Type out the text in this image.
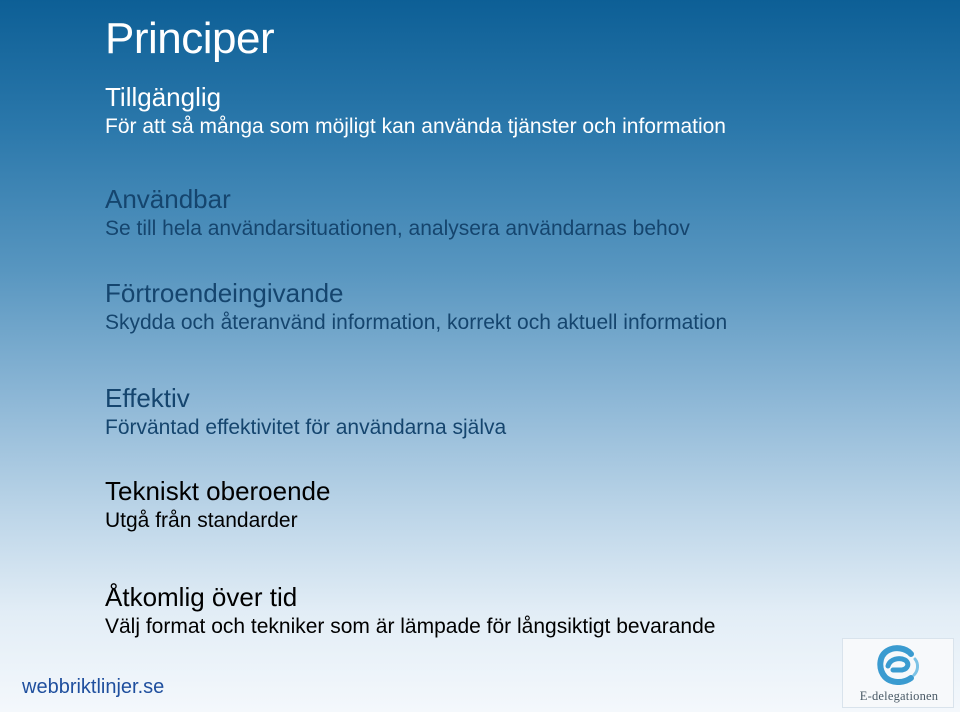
Principer
Tillgänglig
För att så många som möjligt kan använda tjänster och information
Användbar
Se till hela användarsituationen, analysera användarnas behov
Förtroendeingivande
Skydda och återanvänd information, korrekt och aktuell information
Effektiv
Förväntad effektivitet för användarna själva
Tekniskt oberoende
Utgå från standarder
Åtkomlig över tid
Välj format och tekniker som är lämpade för långsiktigt bevarande
webbriktlinjer.se	E-delegationen
